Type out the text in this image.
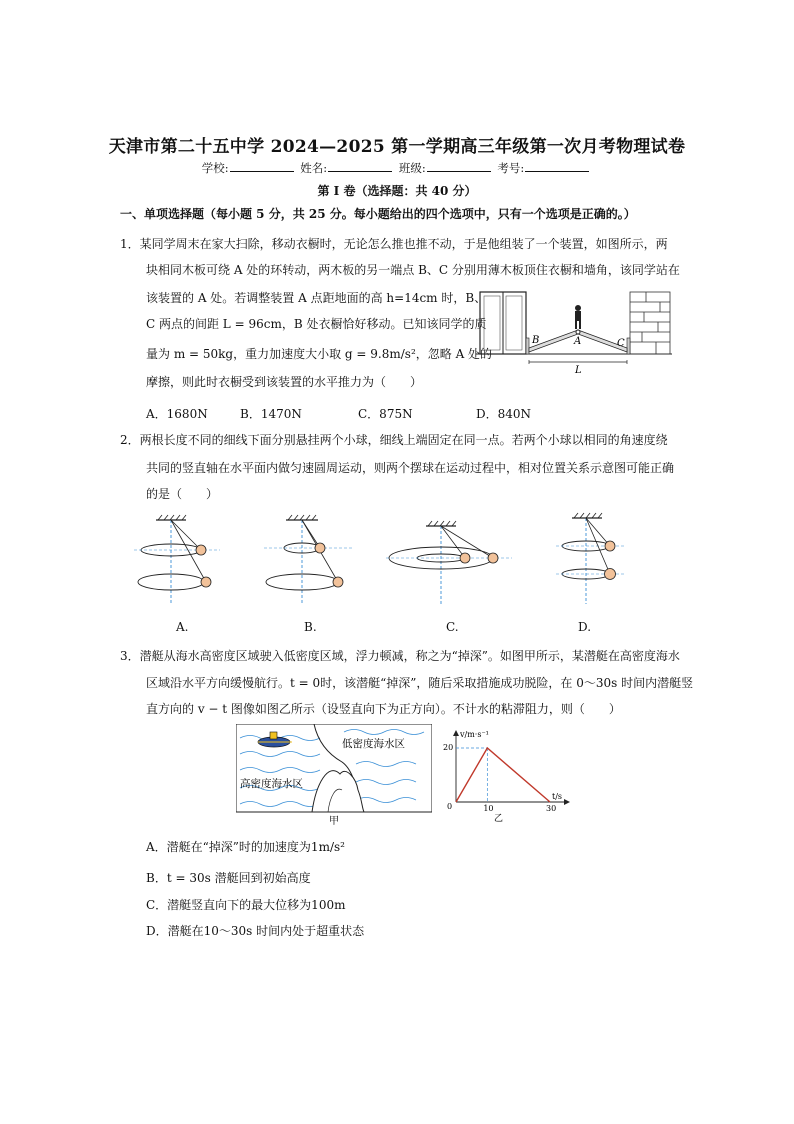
天津市第二十五中学 2024—2025 第一学期高三年级第一次月考物理试卷
学校:	姓名:	班级:	考号:
第 I 卷（选择题：共 40 分）
一、单项选择题（每小题 5 分，共 25 分。每小题给出的四个选项中，只有一个选项是正确的。）
1．某同学周末在家大扫除，移动衣橱时，无论怎么推也推不动，于是他组装了一个装置，如图所示，两
块相同木板可绕 A 处的环转动，两木板的另一端点 B、C 分别用薄木板顶住衣橱和墙角，该同学站在
该装置的 A 处。若调整装置 A 点距地面的高 h=14cm 时，B、
C 两点的间距 L = 96cm，B 处衣橱恰好移动。已知该同学的质
量为 m = 50kg，重力加速度大小取 g = 9.8m/s²，忽略 A 处的
摩擦，则此时衣橱受到该装置的水平推力为（　　）
B	A	C
L
A．1680N	B．1470N	C．875N	D．840N
2．两根长度不同的细线下面分别悬挂两个小球，细线上端固定在同一点。若两个小球以相同的角速度绕
共同的竖直轴在水平面内做匀速圆周运动，则两个摆球在运动过程中，相对位置关系示意图可能正确
的是（　　）
A.	B.	C.	D.
3．潜艇从海水高密度区域驶入低密度区域，浮力顿减，称之为“掉深”。如图甲所示，某潜艇在高密度海水
区域沿水平方向缓慢航行。t = 0时，该潜艇“掉深”，随后采取措施成功脱险，在 0～30s 时间内潜艇竖
直方向的 v − t 图像如图乙所示（设竖直向下为正方向）。不计水的粘滞阻力，则（　　）
低密度海水区
高密度海水区
甲
v/m·s⁻¹
t/s
20
0	10	30
乙
A．潜艇在“掉深”时的加速度为1m/s²
B．t = 30s 潜艇回到初始高度
C．潜艇竖直向下的最大位移为100m
D．潜艇在10～30s 时间内处于超重状态
